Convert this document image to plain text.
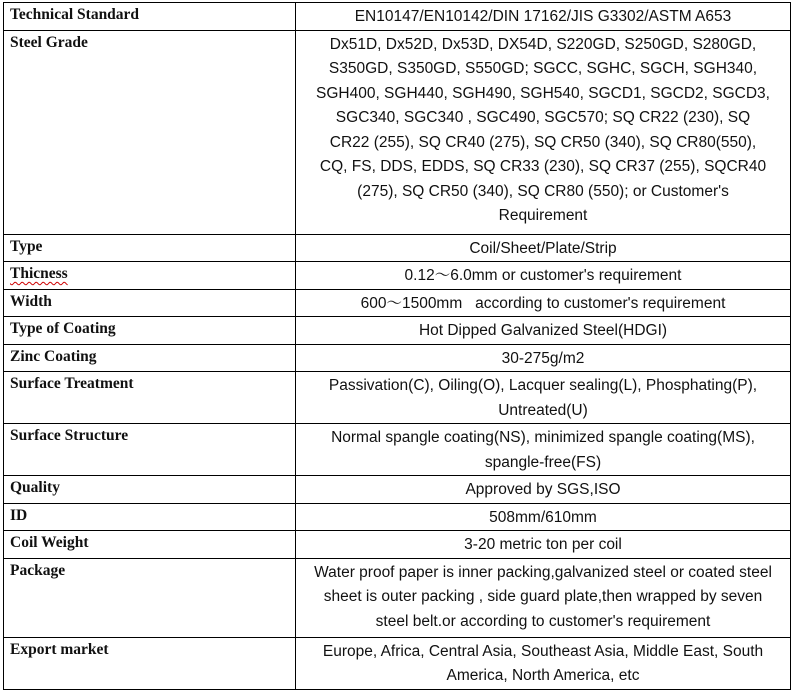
Technical Standard	EN10147/EN10142/DIN 17162/JIS G3302/ASTM A653
Steel Grade	Dx51D, Dx52D, Dx53D, DX54D, S220GD, S250GD, S280GD, S350GD, S350GD, S550GD; SGCC, SGHC, SGCH, SGH340, SGH400, SGH440, SGH490, SGH540, SGCD1, SGCD2, SGCD3, SGC340, SGC340 , SGC490, SGC570; SQ CR22 (230), SQ CR22 (255), SQ CR40 (275), SQ CR50 (340), SQ CR80(550), CQ, FS, DDS, EDDS, SQ CR33 (230), SQ CR37 (255), SQCR40 (275), SQ CR50 (340), SQ CR80 (550); or Customer's Requirement
Type	Coil/Sheet/Plate/Strip
Thicness	0.12～6.0mm or customer's requirement
Width	600～1500mm   according to customer's requirement
Type of Coating	Hot Dipped Galvanized Steel(HDGI)
Zinc Coating	30-275g/m2
Surface Treatment	Passivation(C), Oiling(O), Lacquer sealing(L), Phosphating(P), Untreated(U)
Surface Structure	Normal spangle coating(NS), minimized spangle coating(MS), spangle-free(FS)
Quality	Approved by SGS,ISO
ID	508mm/610mm
Coil Weight	3-20 metric ton per coil
Package	Water proof paper is inner packing,galvanized steel or coated steel sheet is outer packing , side guard plate,then wrapped by seven steel belt.or according to customer's requirement
Export market	Europe, Africa, Central Asia, Southeast Asia, Middle East, South America, North America, etc
